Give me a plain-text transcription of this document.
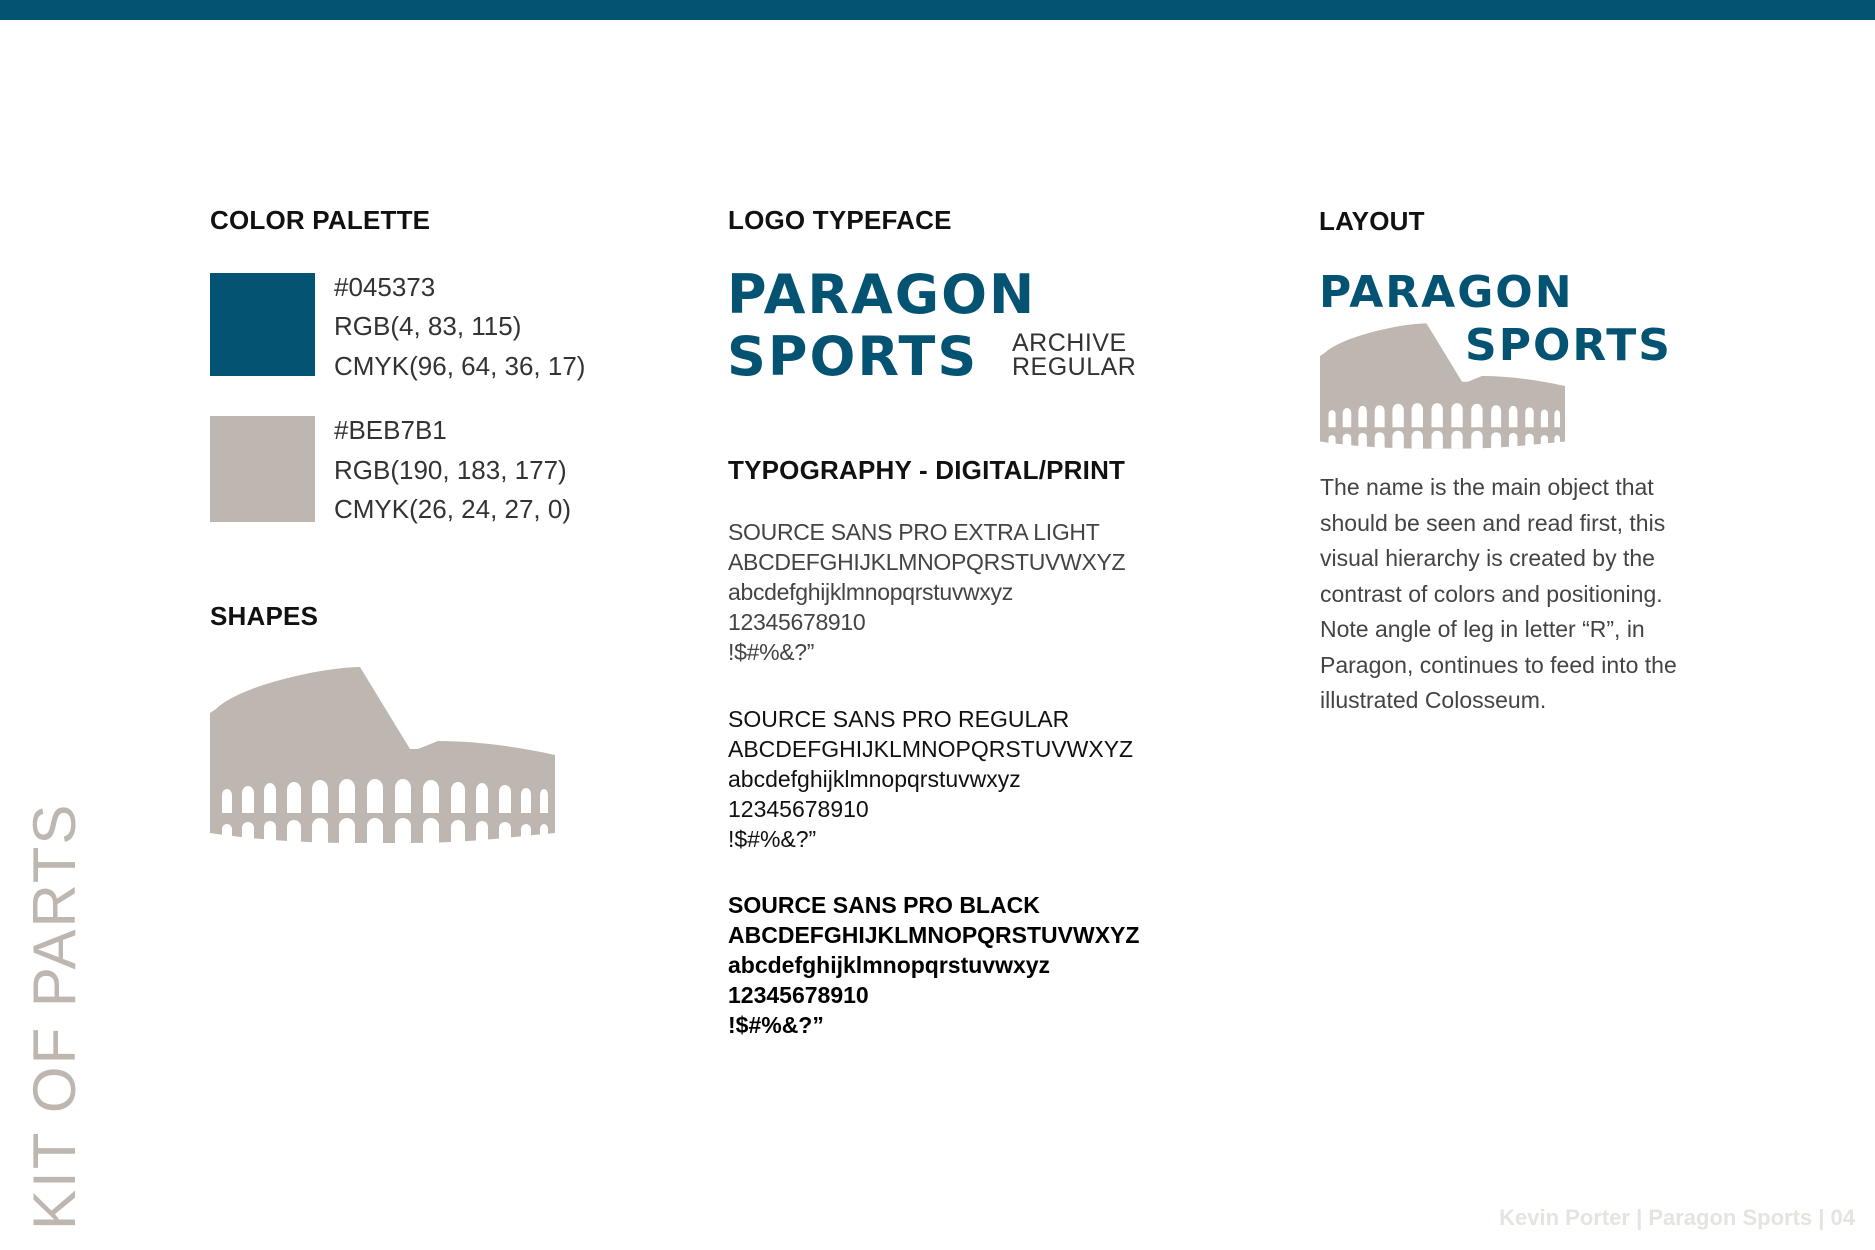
COLOR PALETTE
#045373
RGB(4, 83, 115)
CMYK(96, 64, 36, 17)
#BEB7B1
RGB(190, 183, 177)
CMYK(26, 24, 27, 0)
SHAPES
LOGO TYPEFACE
PARAGON
SPORTS ARCHIVE
REGULAR
TYPOGRAPHY - DIGITAL/PRINT
SOURCE SANS PRO EXTRA LIGHT
ABCDEFGHIJKLMNOPQRSTUVWXYZ
abcdefghijklmnopqrstuvwxyz
12345678910
!$#%&?”
SOURCE SANS PRO REGULAR
ABCDEFGHIJKLMNOPQRSTUVWXYZ
abcdefghijklmnopqrstuvwxyz
12345678910
!$#%&?”
SOURCE SANS PRO BLACK
ABCDEFGHIJKLMNOPQRSTUVWXYZ
abcdefghijklmnopqrstuvwxyz
12345678910
!$#%&?”
LAYOUT
PARAGON
SPORTS
The name is the main object that should be seen and read first, this visual hierarchy is created by the contrast of colors and positioning. Note angle of leg in letter “R”, in Paragon, continues to feed into the illustrated Colosseum.
KIT OF PARTS	Kevin Porter | Paragon Sports | 04
